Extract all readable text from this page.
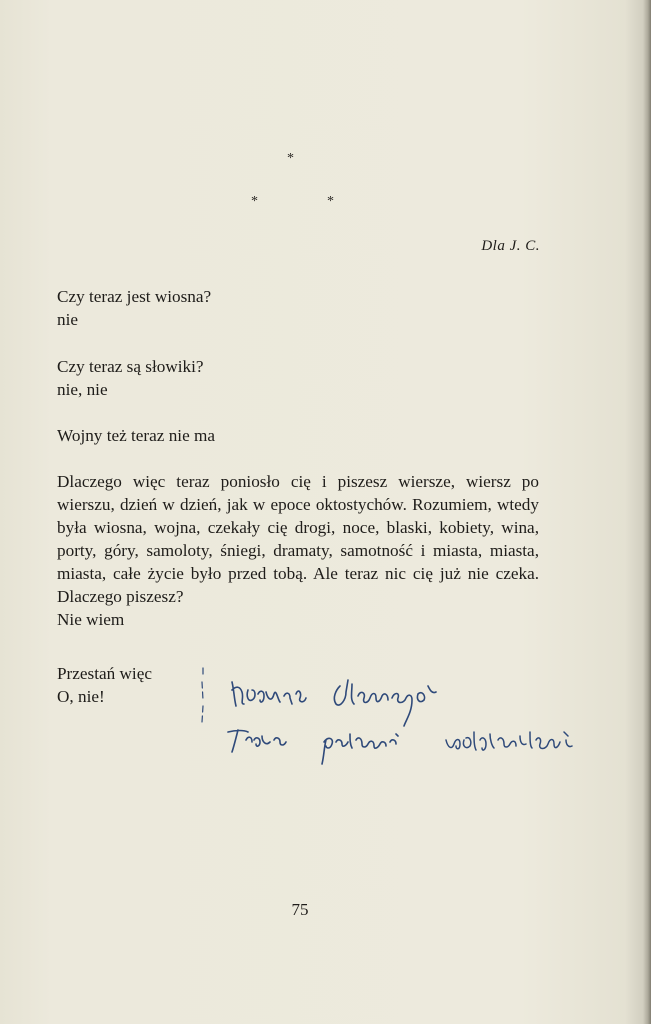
*
*	*
Dla J. C.

Czy teraz jest wiosna?

nie

Czy teraz są słowiki?

nie, nie

Wojny też teraz nie ma

Dlaczego więc teraz poniosło cię i piszesz wiersze, wiersz po wierszu, dzień w dzień, jak w epoce oktostychów. Rozumiem, wtedy była wiosna, wojna, czekały cię drogi, noce, blaski, kobiety, wina, porty, góry, samoloty, śniegi, dramaty, samotność i miasta, miasta, miasta, całe życie było przed tobą. Ale teraz nic cię już nie czeka. Dlaczego piszesz?

Nie wiem

Przestań więc

O, nie!

75
